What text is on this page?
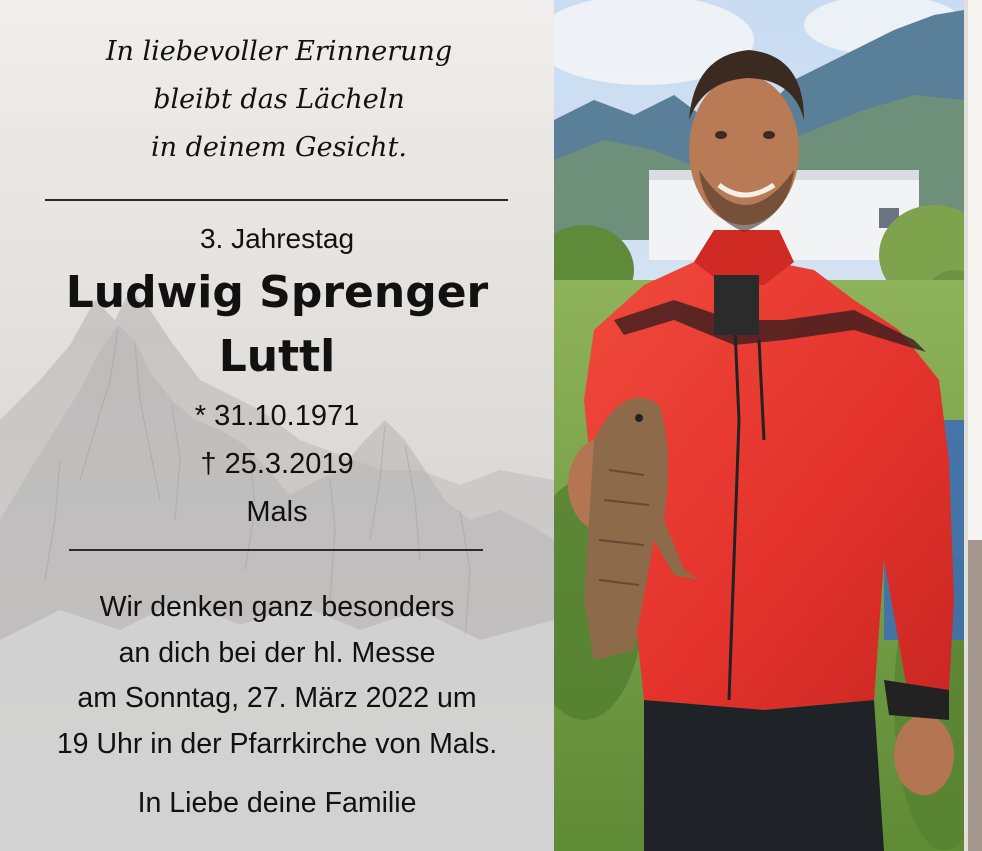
In liebevoller Erinnerung
bleibt das Lächeln
in deinem Gesicht.
3. Jahrestag
Ludwig Sprenger
Luttl
* 31.10.1971
† 25.3.2019
Mals
Wir denken ganz besonders
an dich bei der hl. Messe
am Sonntag, 27. März 2022 um
19 Uhr in der Pfarrkirche von Mals.
In Liebe deine Familie
